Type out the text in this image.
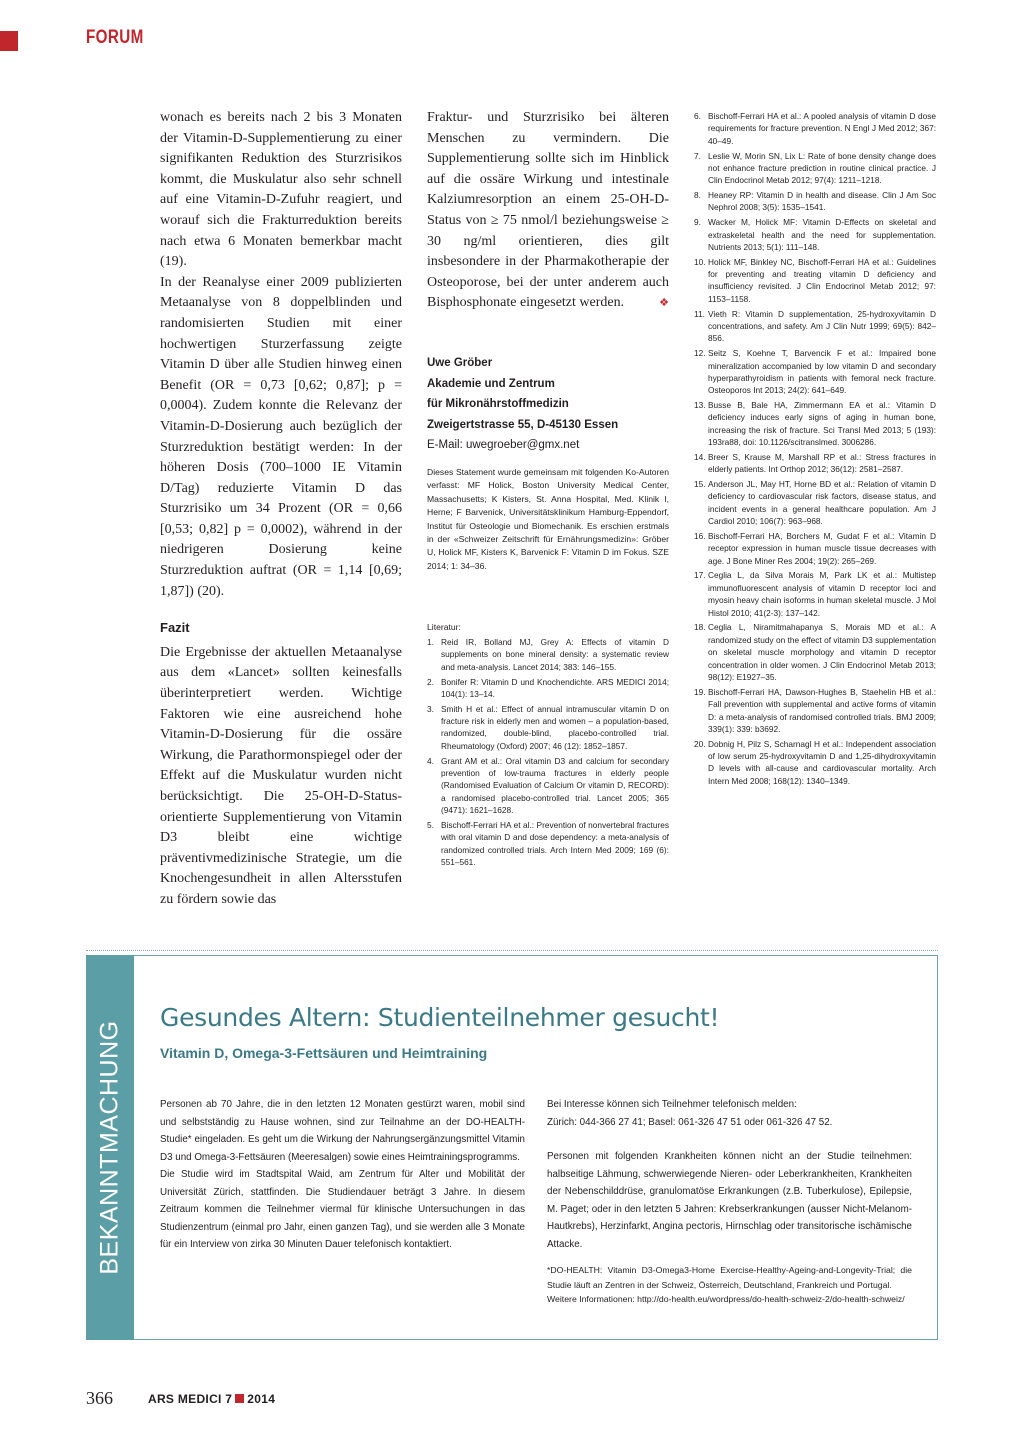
FORUM

wonach es bereits nach 2 bis 3 Monaten der Vitamin-D-Supplementierung zu einer signifikanten Reduktion des Sturzrisikos kommt, die Muskulatur also sehr schnell auf eine Vitamin-D-Zufuhr reagiert, und worauf sich die Frakturreduktion bereits nach etwa 6 Monaten bemerkbar macht (19).

In der Reanalyse einer 2009 publizierten Metaanalyse von 8 doppelblinden und randomisierten Studien mit einer hochwertigen Sturzerfassung zeigte Vitamin D über alle Studien hinweg einen Benefit (OR = 0,73 [0,62; 0,87]; p = 0,0004). Zudem konnte die Relevanz der Vitamin-D-Dosierung auch bezüglich der Sturzreduktion bestätigt werden: In der höheren Dosis (700–1000 IE Vitamin D/Tag) reduzierte Vitamin D das Sturzrisiko um 34 Prozent (OR = 0,66 [0,53; 0,82] p = 0,0002), während in der niedrigeren Dosierung keine Sturzreduktion auftrat (OR = 1,14 [0,69; 1,87]) (20).

Fazit

Die Ergebnisse der aktuellen Metaanalyse aus dem «Lancet» sollten keinesfalls überinterpretiert werden. Wichtige Faktoren wie eine ausreichend hohe Vitamin-D-Dosierung für die ossäre Wirkung, die Parathormonspiegel oder der Effekt auf die Muskulatur wurden nicht berücksichtigt. Die 25-OH-D-Status-orientierte Supplementierung von Vitamin D3 bleibt eine wichtige präventivmedizinische Strategie, um die Knochengesundheit in allen Altersstufen zu fördern sowie das

Fraktur- und Sturzrisiko bei älteren Menschen zu vermindern. Die Supplementierung sollte sich im Hinblick auf die ossäre Wirkung und intestinale Kalziumresorption an einem 25-OH-D-Status von ≥ 75 nmol/l beziehungsweise ≥ 30 ng/ml orientieren, dies gilt insbesondere in der Pharmakotherapie der Osteoporose, bei der unter anderem auch Bisphosphonate eingesetzt werden.	❖

Uwe Gröber
Akademie und Zentrum
für Mikronährstoffmedizin
Zweigertstrasse 55, D-45130 Essen
E-Mail: uwegroeber@gmx.net
Dieses Statement wurde gemeinsam mit folgenden Ko-Autoren verfasst: MF Holick, Boston University Medical Center, Massachusetts; K Kisters, St. Anna Hospital, Med. Klinik I, Herne; F Barvenick, Universitätsklinikum Hamburg-Eppendorf, Institut für Osteologie und Biomechanik. Es erschien erstmals in der «Schweizer Zeitschrift für Ernährungsmedizin»: Gröber U, Holick MF, Kisters K, Barvenick F: Vitamin D im Fokus. SZE 2014; 1: 34–36.
Literatur:
1. Reid IR, Bolland MJ, Grey A: Effects of vitamin D supplements on bone mineral density: a systematic review and meta-analysis. Lancet 2014; 383: 146–155.
2. Bonifer R: Vitamin D und Knochendichte. ARS MEDICI 2014; 104(1): 13–14.
3. Smith H et al.: Effect of annual intramuscular vitamin D on fracture risk in elderly men and women – a population-based, randomized, double-blind, placebo-controlled trial. Rheumatology (Oxford) 2007; 46 (12): 1852–1857.
4. Grant AM et al.: Oral vitamin D3 and calcium for secondary prevention of low-trauma fractures in elderly people (Randomised Evaluation of Calcium Or vitamin D, RECORD): a randomised placebo-controlled trial. Lancet 2005; 365 (9471): 1621–1628.
5. Bischoff-Ferrari HA et al.: Prevention of nonvertebral fractures with oral vitamin D and dose dependency: a meta-analysis of randomized controlled trials. Arch Intern Med 2009; 169 (6): 551–561.
6. Bischoff-Ferrari HA et al.: A pooled analysis of vitamin D dose requirements for fracture prevention. N Engl J Med 2012; 367: 40–49.
7. Leslie W, Morin SN, Lix L: Rate of bone density change does not enhance fracture prediction in routine clinical practice. J Clin Endocrinol Metab 2012; 97(4): 1211–1218.
8. Heaney RP: Vitamin D in health and disease. Clin J Am Soc Nephrol 2008; 3(5): 1535–1541.
9. Wacker M, Holick MF: Vitamin D-Effects on skeletal and extraskeletal health and the need for supplementation. Nutrients 2013; 5(1): 111–148.
10. Holick MF, Binkley NC, Bischoff-Ferrari HA et al.: Guidelines for preventing and treating vitamin D deficiency and insufficiency revisited. J Clin Endocrinol Metab 2012; 97: 1153–1158.
11. Vieth R: Vitamin D supplementation, 25-hydroxyvitamin D concentrations, and safety. Am J Clin Nutr 1999; 69(5): 842–856.
12. Seitz S, Koehne T, Barvencik F et al.: Impaired bone mineralization accompanied by low vitamin D and secondary hyperparathyroidism in patients with femoral neck fracture. Osteoporos Int 2013; 24(2): 641–649.
13. Busse B, Bale HA, Zimmermann EA et al.: Vitamin D deficiency induces early signs of aging in human bone, increasing the risk of fracture. Sci Transl Med 2013; 5 (193): 193ra88, doi: 10.1126/scitranslmed. 3006286.
14. Breer S, Krause M, Marshall RP et al.: Stress fractures in elderly patients. Int Orthop 2012; 36(12): 2581–2587.
15. Anderson JL, May HT, Horne BD et al.: Relation of vitamin D deficiency to cardiovascular risk factors, disease status, and incident events in a general healthcare population. Am J Cardiol 2010; 106(7): 963–968.
16. Bischoff-Ferrari HA, Borchers M, Gudat F et al.: Vitamin D receptor expression in human muscle tissue decreases with age. J Bone Miner Res 2004; 19(2): 265–269.
17. Ceglia L, da Silva Morais M, Park LK et al.: Multistep immunofluorescent analysis of vitamin D receptor loci and myosin heavy chain isoforms in human skeletal muscle. J Mol Histol 2010; 41(2-3): 137–142.
18. Ceglia L, Niramitmahapanya S, Morais MD et al.: A randomized study on the effect of vitamin D3 supplementation on skeletal muscle morphology and vitamin D receptor concentration in older women. J Clin Endocrinol Metab 2013; 98(12): E1927–35.
19. Bischoff-Ferrari HA, Dawson-Hughes B, Staehelin HB et al.: Fall prevention with supplemental and active forms of vitamin D: a meta-analysis of randomised controlled trials. BMJ 2009; 339(1): 339: b3692.
20. Dobnig H, Pilz S, Scharnagl H et al.: Independent association of low serum 25-hydroxyvitamin D and 1,25-dihydroxyvitamin D levels with all-cause and cardiovascular mortality. Arch Intern Med 2008; 168(12): 1340–1349.
BEKANNTMACHUNG
Gesundes Altern: Studienteilnehmer gesucht!
Vitamin D, Omega-3-Fettsäuren und Heimtraining

Personen ab 70 Jahre, die in den letzten 12 Monaten gestürzt waren, mobil sind und selbstständig zu Hause wohnen, sind zur Teilnahme an der DO-HEALTH-Studie* eingeladen. Es geht um die Wirkung der Nahrungsergänzungsmittel Vitamin D3 und Omega-3-Fettsäuren (Meeresalgen) sowie eines Heimtrainingsprogramms.

Die Studie wird im Stadtspital Waid, am Zentrum für Alter und Mobilität der Universität Zürich, stattfinden. Die Studiendauer beträgt 3 Jahre. In diesem Zeitraum kommen die Teilnehmer viermal für klinische Untersuchungen in das Studienzentrum (einmal pro Jahr, einen ganzen Tag), und sie werden alle 3 Monate für ein Interview von zirka 30 Minuten Dauer telefonisch kontaktiert.

Bei Interesse können sich Teilnehmer telefonisch melden:

Zürich: 044-366 27 41; Basel: 061-326 47 51 oder 061-326 47 52.

Personen mit folgenden Krankheiten können nicht an der Studie teilnehmen: halbseitige Lähmung, schwerwiegende Nieren- oder Leberkrankheiten, Krankheiten der Nebenschilddrüse, granulomatöse Erkrankungen (z.B. Tuberkulose), Epilepsie, M. Paget; oder in den letzten 5 Jahren: Krebserkrankungen (ausser Nicht-Melanom-Hautkrebs), Herzinfarkt, Angina pectoris, Hirnschlag oder transitorische ischämische Attacke.

*DO-HEALTH: Vitamin D3-Omega3-Home Exercise-Healthy-Ageing-and-Longevity-Trial; die Studie läuft an Zentren in der Schweiz, Österreich, Deutschland, Frankreich und Portugal.

Weitere Informationen: http://do-health.eu/wordpress/do-health-schweiz-2/do-health-schweiz/

366	ARS MEDICI 7 2014
